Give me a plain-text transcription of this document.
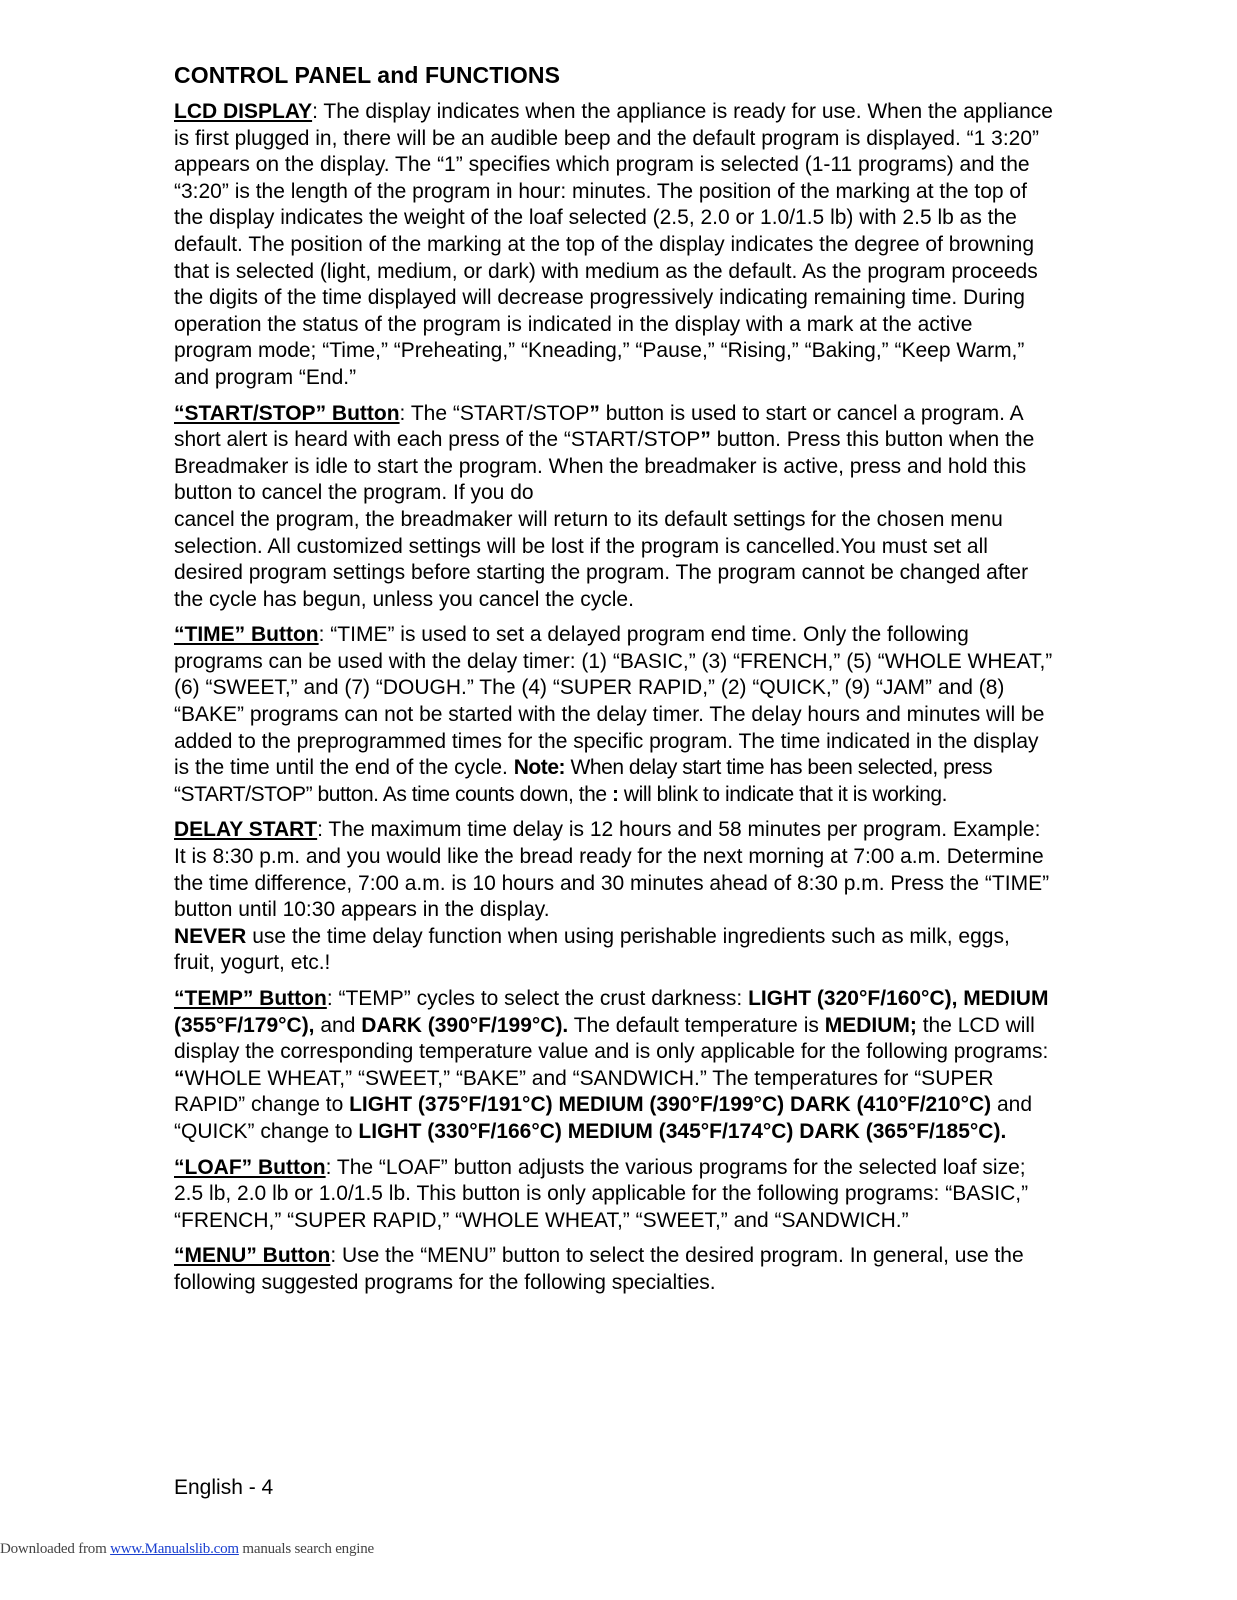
CONTROL PANEL and FUNCTIONS
LCD DISPLAY: The display indicates when the appliance is ready for use. When the appliance is first plugged in, there will be an audible beep and the default program is displayed. “1 3:20” appears on the display. The “1” specifies which program is selected (1-11 programs) and the “3:20” is the length of the program in hour: minutes. The position of the marking at the top of the display indicates the weight of the loaf selected (2.5, 2.0 or 1.0/1.5 lb) with 2.5 lb as the default. The position of the marking at the top of the display indicates the degree of browning that is selected (light, medium, or dark) with medium as the default. As the program proceeds the digits of the time displayed will decrease progressively indicating remaining time. During operation the status of the program is indicated in the display with a mark at the active program mode; “Time,” “Preheating,” “Kneading,” “Pause,” “Rising,” “Baking,” “Keep Warm,” and program “End.”
“START/STOP” Button: The “START/STOP” button is used to start or cancel a program. A short alert is heard with each press of the “START/STOP” button. Press this button when the Breadmaker is idle to start the program. When the breadmaker is active, press and hold this button to cancel the program. If you do
cancel the program, the breadmaker will return to its default settings for the chosen menu selection. All customized settings will be lost if the program is cancelled.You must set all desired program settings before starting the program. The program cannot be changed after the cycle has begun, unless you cancel the cycle.
“TIME” Button: “TIME” is used to set a delayed program end time. Only the following programs can be used with the delay timer: (1) “BASIC,” (3) “FRENCH,” (5) “WHOLE WHEAT,” (6) “SWEET,” and (7) “DOUGH.” The (4) “SUPER RAPID,” (2) “QUICK,” (9) “JAM” and (8) “BAKE” programs can not be started with the delay timer. The delay hours and minutes will be added to the preprogrammed times for the specific program. The time indicated in the display is the time until the end of the cycle. Note: When delay start time has been selected, press “START/STOP” button. As time counts down, the : will blink to indicate that it is working.
DELAY START: The maximum time delay is 12 hours and 58 minutes per program. Example: It is 8:30 p.m. and you would like the bread ready for the next morning at 7:00 a.m. Determine the time difference, 7:00 a.m. is 10 hours and 30 minutes ahead of 8:30 p.m. Press the “TIME” button until 10:30 appears in the display.
NEVER use the time delay function when using perishable ingredients such as milk, eggs, fruit, yogurt, etc.!
“TEMP” Button: “TEMP” cycles to select the crust darkness: LIGHT (320°F/160°C), MEDIUM (355°F/179°C), and DARK (390°F/199°C). The default temperature is MEDIUM; the LCD will display the corresponding temperature value and is only applicable for the following programs: “WHOLE WHEAT,” “SWEET,” “BAKE” and “SANDWICH.” The temperatures for “SUPER RAPID” change to LIGHT (375°F/191°C) MEDIUM (390°F/199°C) DARK (410°F/210°C) and “QUICK” change to LIGHT (330°F/166°C) MEDIUM (345°F/174°C) DARK (365°F/185°C).
“LOAF” Button: The “LOAF” button adjusts the various programs for the selected loaf size; 2.5 lb, 2.0 lb or 1.0/1.5 lb. This button is only applicable for the following programs: “BASIC,” “FRENCH,” “SUPER RAPID,” “WHOLE WHEAT,” “SWEET,” and “SANDWICH.”
“MENU” Button: Use the “MENU” button to select the desired program. In general, use the following suggested programs for the following specialties.
English - 4
Downloaded from www.Manualslib.com manuals search engine
